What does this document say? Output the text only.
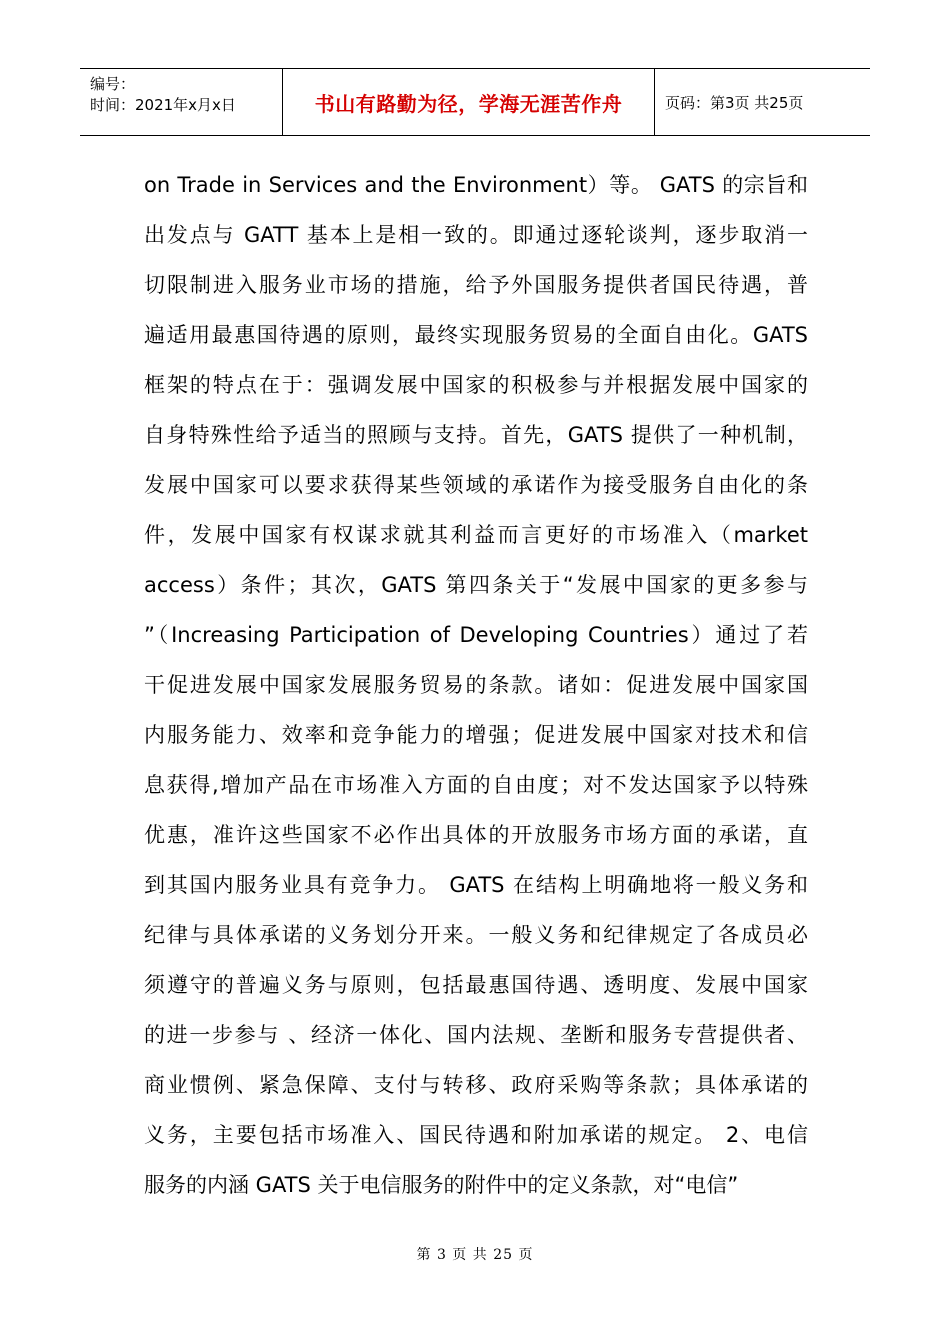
编号：
时间：2021年x月x日	书山有路勤为径，学海无涯苦作舟	页码：第3页 共25页
on Trade in Services and the Environment）等。 GATS 的宗旨和
出发点与 GATT 基本上是相一致的。即通过逐轮谈判，逐步取消一
切限制进入服务业市场的措施，给予外国服务提供者国民待遇，普
遍适用最惠国待遇的原则，最终实现服务贸易的全面自由化。GATS
框架的特点在于：强调发展中国家的积极参与并根据发展中国家的
自身特殊性给予适当的照顾与支持。首先，GATS 提供了一种机制，
发展中国家可以要求获得某些领域的承诺作为接受服务自由化的条
件，发展中国家有权谋求就其利益而言更好的市场准入（market
access）条件；其次，GATS 第四条关于“发展中国家的更多参与
”（Increasing Participation of Developing Countries）通过了若
干促进发展中国家发展服务贸易的条款。诸如：促进发展中国家国
内服务能力、效率和竞争能力的增强；促进发展中国家对技术和信
息获得,增加产品在市场准入方面的自由度；对不发达国家予以特殊
优惠，准许这些国家不必作出具体的开放服务市场方面的承诺，直
到其国内服务业具有竞争力。 GATS 在结构上明确地将一般义务和
纪律与具体承诺的义务划分开来。一般义务和纪律规定了各成员必
须遵守的普遍义务与原则，包括最惠国待遇、透明度、发展中国家
的进一步参与 、经济一体化、国内法规、垄断和服务专营提供者、
商业惯例、紧急保障、支付与转移、政府采购等条款；具体承诺的
义务，主要包括市场准入、国民待遇和附加承诺的规定。 2、电信
服务的内涵 GATS 关于电信服务的附件中的定义条款，对“电信”
第 3 页 共 25 页
